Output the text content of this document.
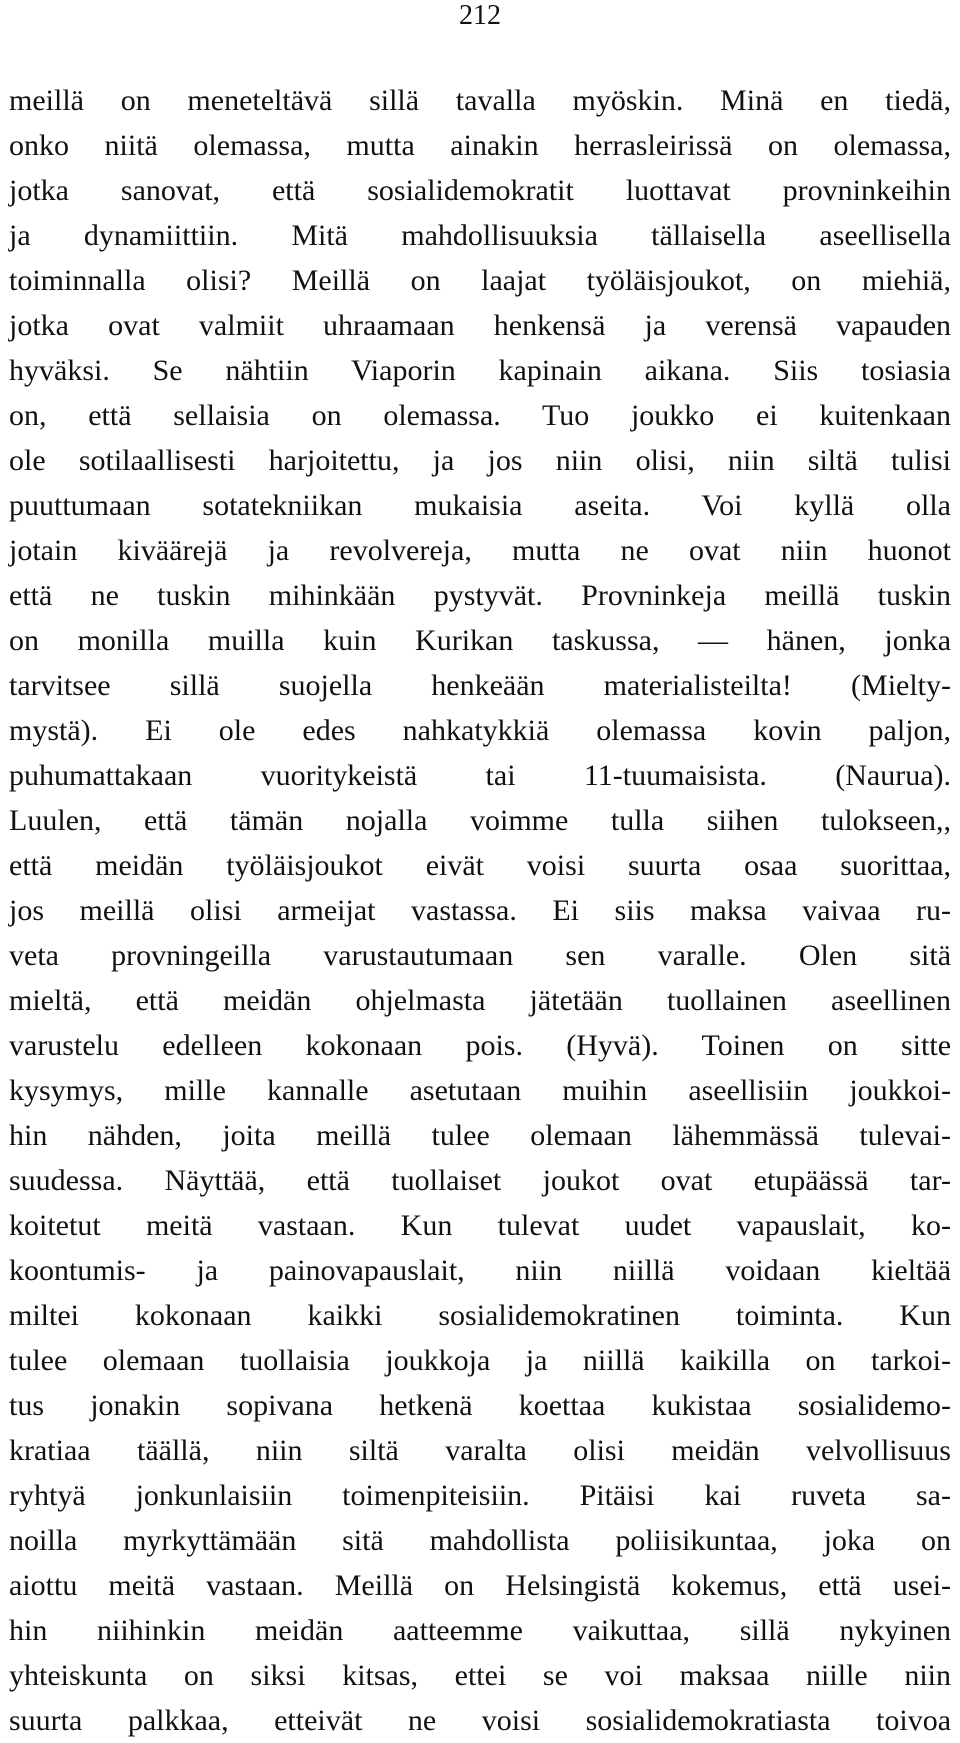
212
meillä on meneteltävä sillä tavalla myöskin. Minä en tiedä,
onko niitä olemassa, mutta ainakin herrasleirissä on olemassa,
jotka sanovat, että sosialidemokratit luottavat provninkeihin
ja dynamiittiin. Mitä mahdollisuuksia tällaisella aseellisella
toiminnalla olisi? Meillä on laajat työläisjoukot, on miehiä,
jotka ovat valmiit uhraamaan henkensä ja verensä vapauden
hyväksi. Se nähtiin Viaporin kapinain aikana. Siis tosiasia
on, että sellaisia on olemassa. Tuo joukko ei kuitenkaan
ole sotilaallisesti harjoitettu, ja jos niin olisi, niin siltä tulisi
puuttumaan sotatekniikan mukaisia aseita. Voi kyllä olla
jotain kiväärejä ja revolvereja, mutta ne ovat niin huonot
että ne tuskin mihinkään pystyvät. Provninkeja meillä tuskin
on monilla muilla kuin Kurikan taskussa, — hänen, jonka
tarvitsee sillä suojella henkeään materialisteilta! (Mielty-
mystä). Ei ole edes nahkatykkiä olemassa kovin paljon,
puhumattakaan vuoritykeistä tai 11-tuumaisista. (Naurua).
Luulen, että tämän nojalla voimme tulla siihen tulokseen,,
että meidän työläisjoukot eivät voisi suurta osaa suorittaa,
jos meillä olisi armeijat vastassa. Ei siis maksa vaivaa ru-
veta provningeilla varustautumaan sen varalle. Olen sitä
mieltä, että meidän ohjelmasta jätetään tuollainen aseellinen
varustelu edelleen kokonaan pois. (Hyvä). Toinen on sitte
kysymys, mille kannalle asetutaan muihin aseellisiin joukkoi-
hin nähden, joita meillä tulee olemaan lähemmässä tulevai-
suudessa. Näyttää, että tuollaiset joukot ovat etupäässä tar-
koitetut meitä vastaan. Kun tulevat uudet vapauslait, ko-
koontumis- ja painovapauslait, niin niillä voidaan kieltää
miltei kokonaan kaikki sosialidemokratinen toiminta. Kun
tulee olemaan tuollaisia joukkoja ja niillä kaikilla on tarkoi-
tus jonakin sopivana hetkenä koettaa kukistaa sosialidemo-
kratiaa täällä, niin siltä varalta olisi meidän velvollisuus
ryhtyä jonkunlaisiin toimenpiteisiin. Pitäisi kai ruveta sa-
noilla myrkyttämään sitä mahdollista poliisikuntaa, joka on
aiottu meitä vastaan. Meillä on Helsingistä kokemus, että usei-
hin niihinkin meidän aatteemme vaikuttaa, sillä nykyinen
yhteiskunta on siksi kitsas, ettei se voi maksaa niille niin
suurta palkkaa, etteivät ne voisi sosialidemokratiasta toivoa
